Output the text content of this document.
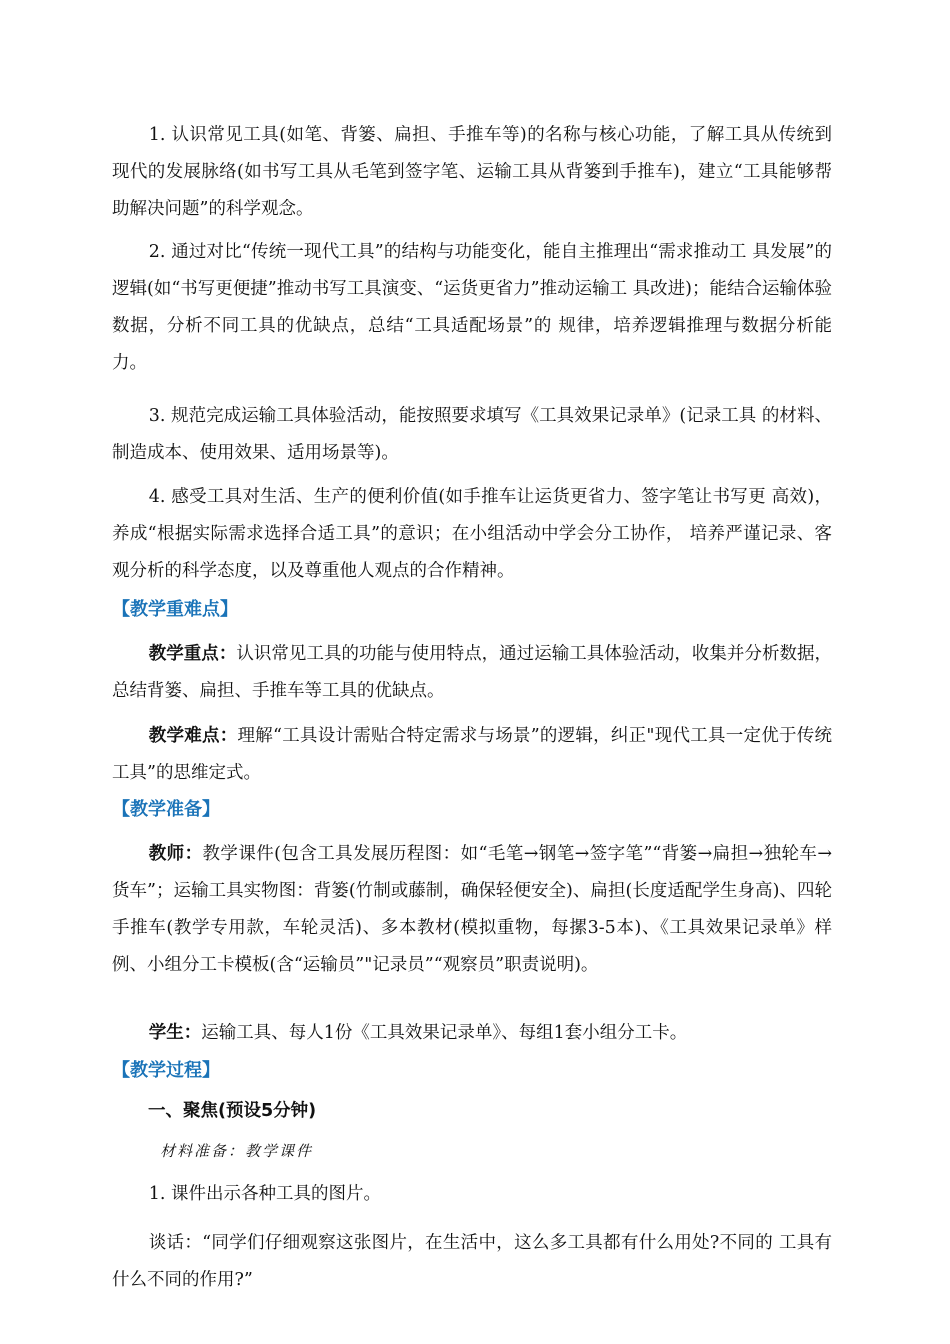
1. 认识常见工具(如笔、背篓、扁担、手推车等)的名称与核心功能，了解工具从传统到现代的发展脉络(如书写工具从毛笔到签字笔、运输工具从背篓到手推车)，建立“工具能够帮助解决问题”的科学观念。

2. 通过对比“传统一现代工具”的结构与功能变化，能自主推理出“需求推动工 具发展”的逻辑(如“书写更便捷”推动书写工具演变、“运货更省力”推动运输工 具改进)；能结合运输体验数据，分析不同工具的优缺点，总结“工具适配场景”的 规律，培养逻辑推理与数据分析能力。

3. 规范完成运输工具体验活动，能按照要求填写《工具效果记录单》(记录工具 的材料、制造成本、使用效果、适用场景等)。

4. 感受工具对生活、生产的便利价值(如手推车让运货更省力、签字笔让书写更 高效)，养成“根据实际需求选择合适工具”的意识；在小组活动中学会分工协作， 培养严谨记录、客观分析的科学态度，以及尊重他人观点的合作精神。

【教学重难点】

教学重点：认识常见工具的功能与使用特点，通过运输工具体验活动，收集并分析数据，总结背篓、扁担、手推车等工具的优缺点。

教学难点：理解“工具设计需贴合特定需求与场景”的逻辑，纠正"现代工具一定优于传统工具”的思维定式。

【教学准备】

教师：教学课件(包含工具发展历程图：如“毛笔→钢笔→签字笔”“背篓→扁担→独轮车→货车”；运输工具实物图：背篓(竹制或藤制，确保轻便安全)、扁担(长度适配学生身高)、四轮手推车(教学专用款，车轮灵活)、多本教材(模拟重物，每摞3-5本)、《工具效果记录单》样例、小组分工卡模板(含“运输员”"记录员”“观察员”职责说明)。

学生：运输工具、每人1份《工具效果记录单》、每组1套小组分工卡。

【教学过程】

一、聚焦(预设5分钟)

材料准备：教学课件

1. 课件出示各种工具的图片。

谈话：“同学们仔细观察这张图片，在生活中，这么多工具都有什么用处?不同的 工具有什么不同的作用?”
